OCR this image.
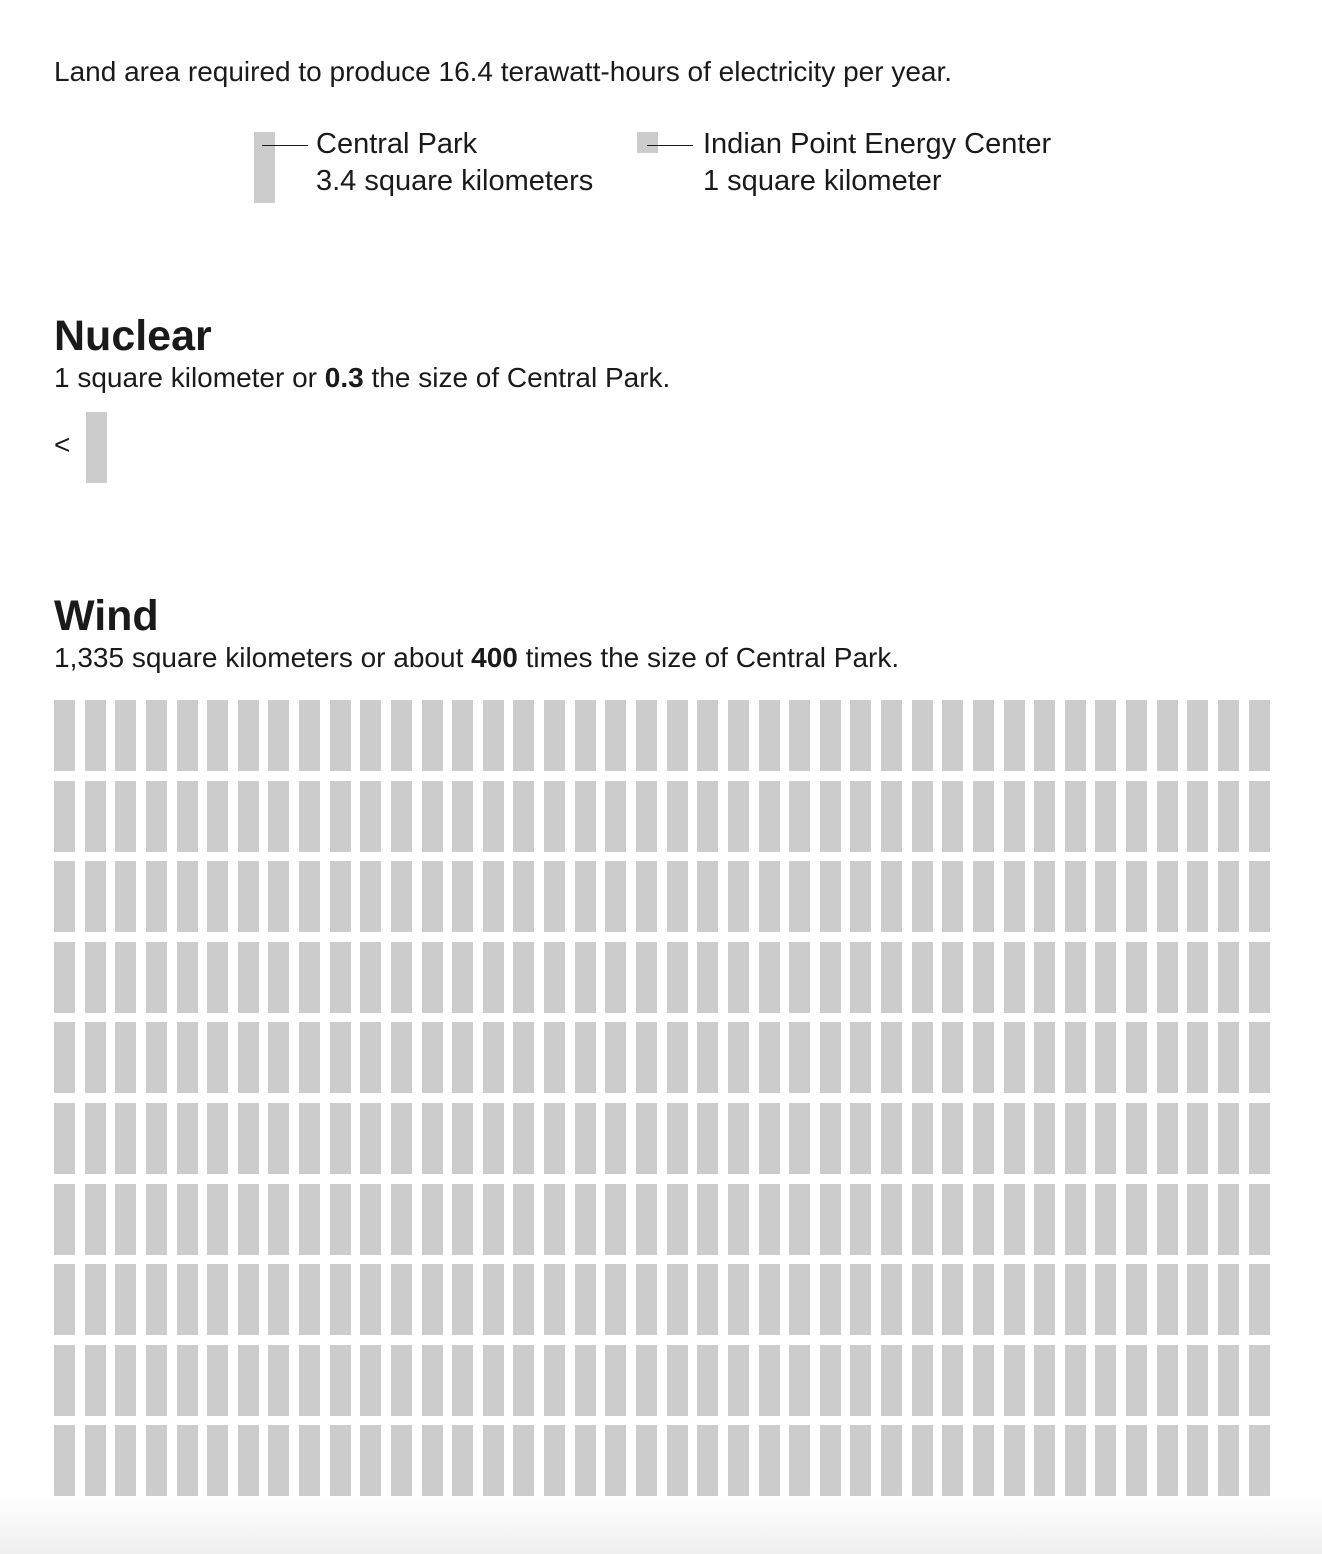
Land area required to produce 16.4 terawatt-hours of electricity per year.
Central Park
3.4 square kilometers
Indian Point Energy Center
1 square kilometer
Nuclear

1 square kilometer or 0.3 the size of Central Park.

<
Wind

1,335 square kilometers or about 400 times the size of Central Park.
